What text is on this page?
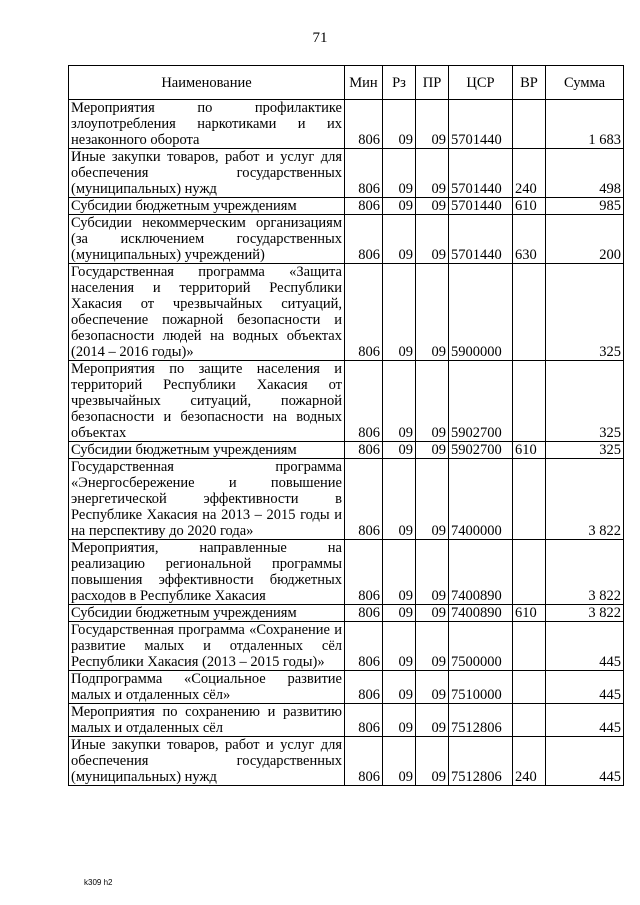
71
Наименование	Мин	Рз	ПР	ЦСР	ВР	Сумма
Мероприятия по профилактике злоупотребления наркотиками и их незаконного оборота	806	09	09	5701440		1 683
Иные закупки товаров, работ и услуг для обеспечения государственных (муниципальных) нужд	806	09	09	5701440	240	498
Субсидии бюджетным учреждениям	806	09	09	5701440	610	985
Субсидии некоммерческим организациям (за исключением государственных (муниципальных) учреждений)	806	09	09	5701440	630	200
Государственная программа «Защита населения и территорий Республики Хакасия от чрезвычайных ситуаций, обеспечение пожарной безопасности и безопасности людей на водных объектах (2014 – 2016 годы)»	806	09	09	5900000		325
Мероприятия по защите населения и территорий Республики Хакасия от чрезвычайных ситуаций, пожарной безопасности и безопасности на водных объектах	806	09	09	5902700		325
Субсидии бюджетным учреждениям	806	09	09	5902700	610	325
Государственная программа «Энергосбережение и повышение энергетической эффективности в Республике Хакасия на 2013 – 2015 годы и на перспективу до 2020 года»	806	09	09	7400000		3 822
Мероприятия, направленные на реализацию региональной программы повышения эффективности бюджетных расходов в Республике Хакасия	806	09	09	7400890		3 822
Субсидии бюджетным учреждениям	806	09	09	7400890	610	3 822
Государственная программа «Сохранение и развитие малых и отдаленных сёл Республики Хакасия (2013 – 2015 годы)»	806	09	09	7500000		445
Подпрограмма «Социальное развитие малых и отдаленных сёл»	806	09	09	7510000		445
Мероприятия по сохранению и развитию малых и отдаленных сёл	806	09	09	7512806		445
Иные закупки товаров, работ и услуг для обеспечения государственных (муниципальных) нужд	806	09	09	7512806	240	445
k309 h2
